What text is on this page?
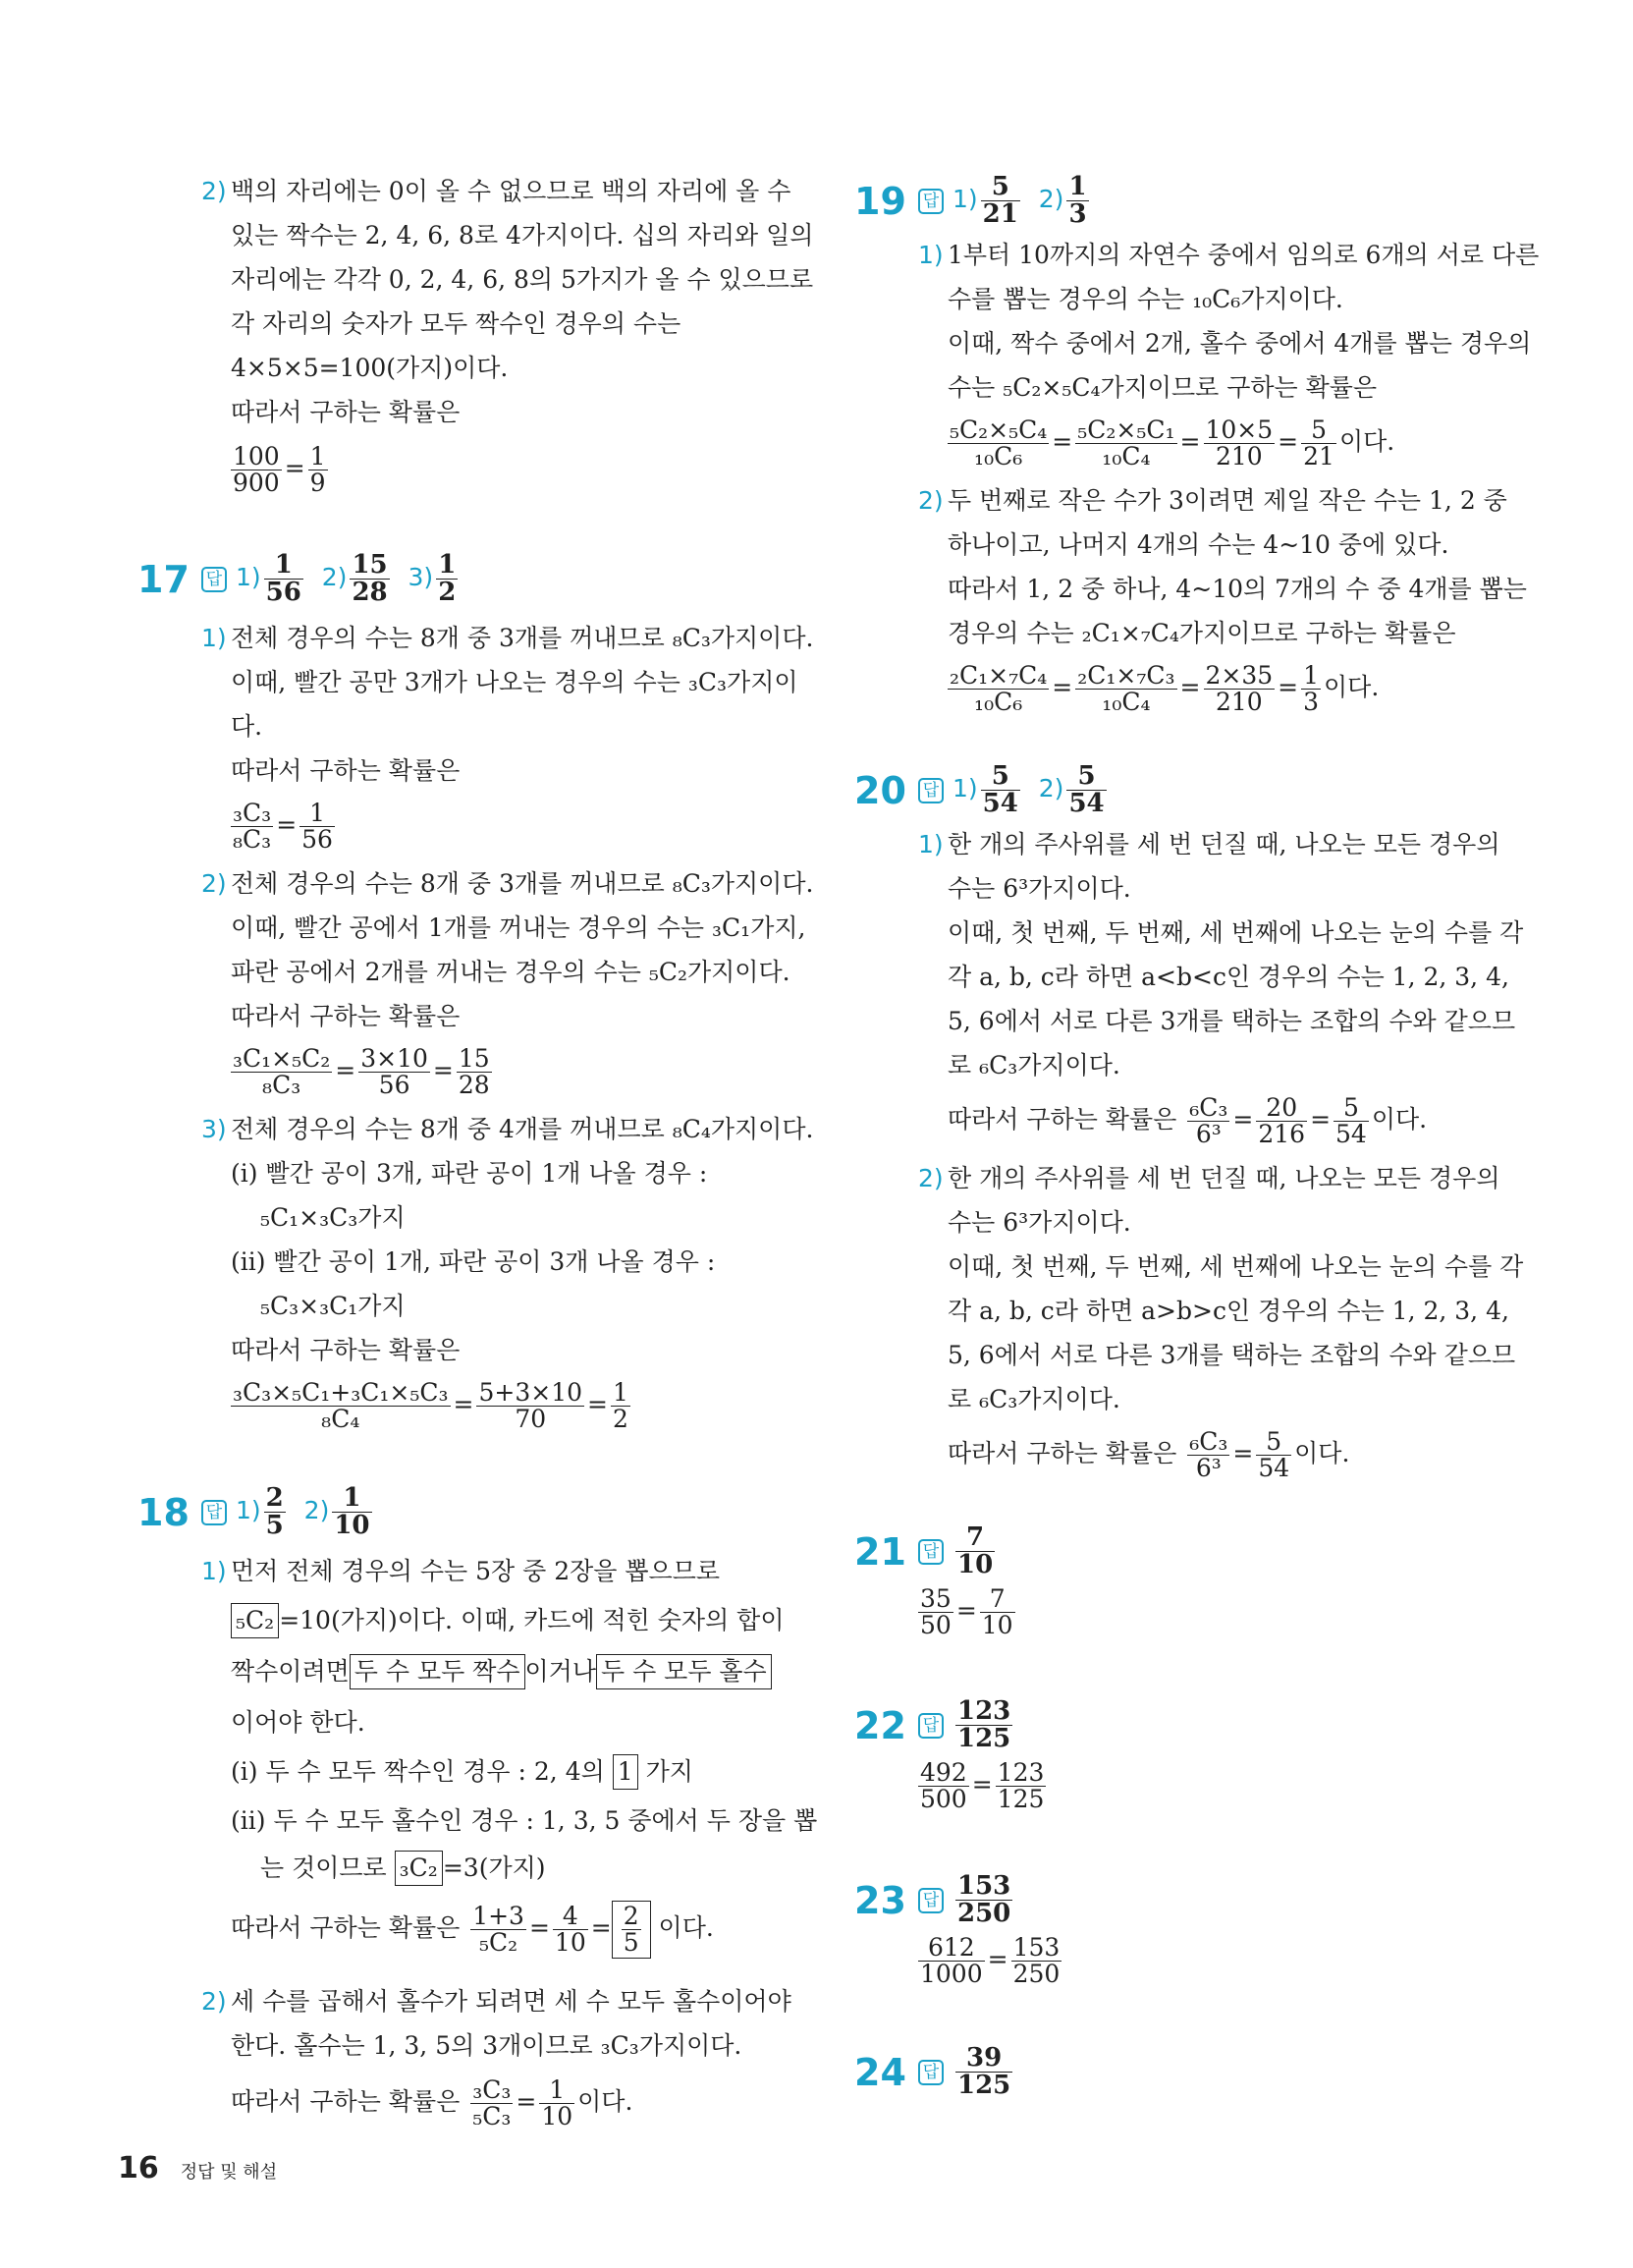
2) 백의 자리에는 0이 올 수 없으므로 백의 자리에 올 수
있는 짝수는 2, 4, 6, 8로 4가지이다. 십의 자리와 일의
자리에는 각각 0, 2, 4, 6, 8의 5가지가 올 수 있으므로
각 자리의 숫자가 모두 짝수인 경우의 수는
4×5×5=100(가지)이다.
따라서 구하는 확률은
$\frac{100}{900} = \frac{1}{9}$
17 답 $1) \frac{1}{56} 2) \frac{15}{28} 3) \frac{1}{2}$
1) 전체 경우의 수는 8개 중 3개를 꺼내므로 ₈C₃가지이다.
이때, 빨간 공만 3개가 나오는 경우의 수는 ₃C₃가지이
다.
따라서 구하는 확률은
$\frac{\text{₃C₃}}{\text{₈C₃}} = \frac{1}{56}$
2) 전체 경우의 수는 8개 중 3개를 꺼내므로 ₈C₃가지이다.
이때, 빨간 공에서 1개를 꺼내는 경우의 수는 ₃C₁가지,
파란 공에서 2개를 꺼내는 경우의 수는 ₅C₂가지이다.
따라서 구하는 확률은
$\frac{\text{₃C₁×₅C₂}}{\text{₈C₃}} = \frac{3\times 10}{56} = \frac{15}{28}$
3) 전체 경우의 수는 8개 중 4개를 꺼내므로 ₈C₄가지이다.
(ⅰ) 빨간 공이 3개, 파란 공이 1개 나올 경우 :
₅C₁×₃C₃가지
(ⅱ) 빨간 공이 1개, 파란 공이 3개 나올 경우 :
₅C₃×₃C₁가지
따라서 구하는 확률은
$\frac{\text{₃C₃×₅C₁+₃C₁×₅C₃}}{\text{₈C₄}} = \frac{5+3\times 10}{70} = \frac{1}{2}$
18 답 $1) \frac{2}{5} 2) \frac{1}{10}$
1) 먼저 전체 경우의 수는 5장 중 2장을 뽑으므로
₅C₂ =10(가지)이다. 이때, 카드에 적힌 숫자의 합이
짝수이려면 두 수 모두 짝수 이거나 두 수 모두 홀수
이어야 한다.
(ⅰ) 두 수 모두 짝수인 경우 : 2, 4의 1 가지
(ⅱ) 두 수 모두 홀수인 경우 : 1, 3, 5 중에서 두 장을 뽑
는 것이므로 ₃C₂ =3(가지)
따라서 구하는 확률은 $\frac{1+3}{\text{₅C₂}} = \frac{4}{10} = \frac{2}{5}$ 이다.
2) 세 수를 곱해서 홀수가 되려면 세 수 모두 홀수이어야
한다. 홀수는 1, 3, 5의 3개이므로 ₃C₃가지이다.
따라서 구하는 확률은 $\frac{\text{₃C₃}}{\text{₅C₃}} = \frac{1}{10}$ 이다.
19 답 $1) \frac{5}{21} 2) \frac{1}{3}$
1) 1부터 10까지의 자연수 중에서 임의로 6개의 서로 다른
수를 뽑는 경우의 수는 ₁₀C₆가지이다.
이때, 짝수 중에서 2개, 홀수 중에서 4개를 뽑는 경우의
수는 ₅C₂×₅C₄가지이므로 구하는 확률은
$\frac{\text{₅C₂×₅C₄}}{\text{₁₀C₆}} = \frac{\text{₅C₂×₅C₁}}{\text{₁₀C₄}} = \frac{10\times 5}{210} = \frac{5}{21}$ 이다.
2) 두 번째로 작은 수가 3이려면 제일 작은 수는 1, 2 중
하나이고, 나머지 4개의 수는 4~10 중에 있다.
따라서 1, 2 중 하나, 4~10의 7개의 수 중 4개를 뽑는
경우의 수는 ₂C₁×₇C₄가지이므로 구하는 확률은
$\frac{\text{₂C₁×₇C₄}}{\text{₁₀C₆}} = \frac{\text{₂C₁×₇C₃}}{\text{₁₀C₄}} = \frac{2\times 35}{210} = \frac{1}{3}$ 이다.
20 답 $1) \frac{5}{54} 2) \frac{5}{54}$
1) 한 개의 주사위를 세 번 던질 때, 나오는 모든 경우의
수는 6³가지이다.
이때, 첫 번째, 두 번째, 세 번째에 나오는 눈의 수를 각
각 a, b, c라 하면 a<b<c인 경우의 수는 1, 2, 3, 4,
5, 6에서 서로 다른 3개를 택하는 조합의 수와 같으므
로 ₆C₃가지이다.
따라서 구하는 확률은 $\frac{\text{₆C₃}}{\text{6³}} = \frac{20}{216} = \frac{5}{54}$ 이다.
2) 한 개의 주사위를 세 번 던질 때, 나오는 모든 경우의
수는 6³가지이다.
이때, 첫 번째, 두 번째, 세 번째에 나오는 눈의 수를 각
각 a, b, c라 하면 a>b>c인 경우의 수는 1, 2, 3, 4,
5, 6에서 서로 다른 3개를 택하는 조합의 수와 같으므
로 ₆C₃가지이다.
따라서 구하는 확률은 $\frac{\text{₆C₃}}{\text{6³}} = \frac{5}{54}$ 이다.
21 답 $\frac{7}{10}$
$\frac{35}{50} = \frac{7}{10}$
22 답 $\frac{123}{125}$
$\frac{492}{500} = \frac{123}{125}$
23 답 $\frac{153}{250}$
$\frac{612}{1000} = \frac{153}{250}$
24 답 $\frac{39}{125}$
16 정답 및 해설
